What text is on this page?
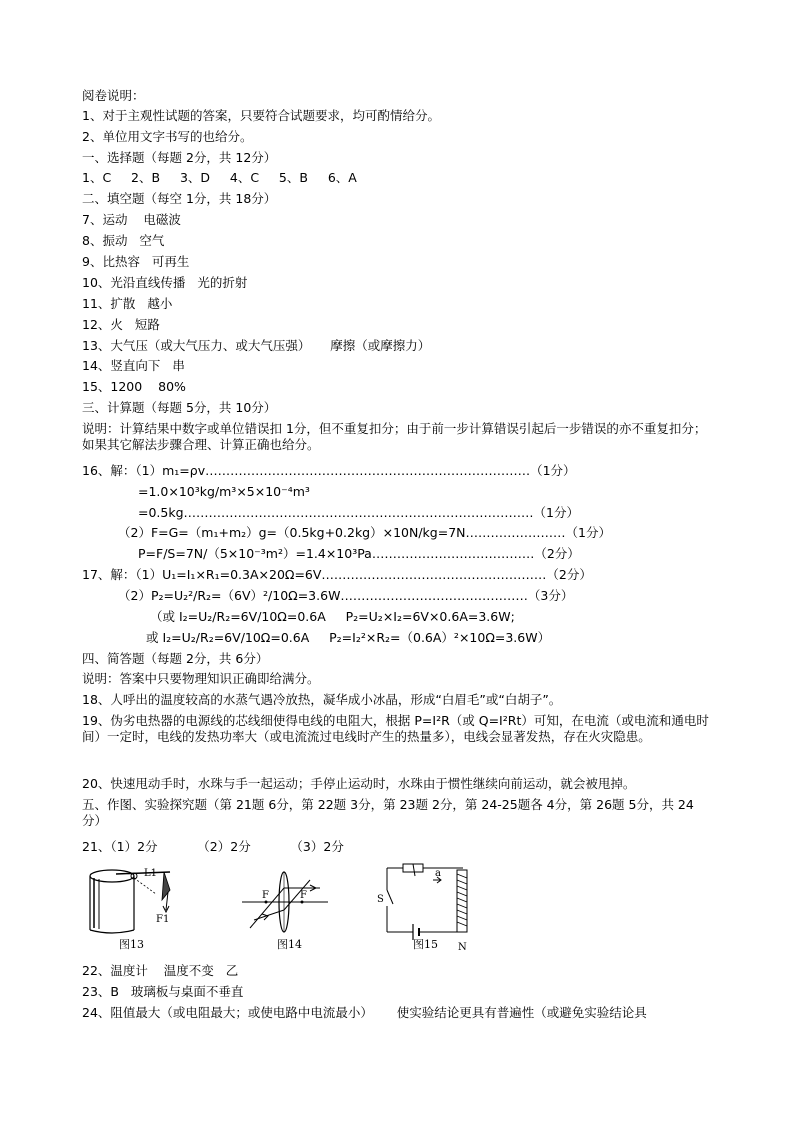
阅卷说明：
1、对于主观性试题的答案，只要符合试题要求，均可酌情给分。
2、单位用文字书写的也给分。
一、选择题（每题 2分，共 12分）
1、C     2、B     3、D     4、C     5、B     6、A
二、填空题（每空 1分，共 18分）
7、运动    电磁波
8、振动   空气
9、比热容   可再生
10、光沿直线传播   光的折射
11、扩散   越小
12、火   短路
13、大气压（或大气压力、或大气压强）     摩擦（或摩擦力）
14、竖直向下   串
15、1200    80%
三、计算题（每题 5分，共 10分）
说明：计算结果中数字或单位错误扣 1分，但不重复扣分；由于前一步计算错误引起后一步错误的亦不重复扣分；如果其它解法步骤合理、计算正确也给分。
16、解：（1）m₁=ρv……………………………………………………………………（1分）
=1.0×10³kg/m³×5×10⁻⁴m³
=0.5kg…………………………………………………………………………（1分）
（2）F=G=（m₁+m₂）g=（0.5kg+0.2kg）×10N/kg=7N……………………（1分）
P=F/S=7N/（5×10⁻³m²）=1.4×10³Pa…………………………………（2分）
17、解：（1）U₁=I₁×R₁=0.3A×20Ω=6V………………………………………………（2分）
（2）P₂=U₂²/R₂=（6V）²/10Ω=3.6W………………………………………（3分）
（或 I₂=U₂/R₂=6V/10Ω=0.6A     P₂=U₂×I₂=6V×0.6A=3.6W;
或 I₂=U₂/R₂=6V/10Ω=0.6A     P₂=I₂²×R₂=（0.6A）²×10Ω=3.6W）
四、简答题（每题 2分，共 6分）
说明：答案中只要物理知识正确即给满分。
18、人呼出的温度较高的水蒸气遇冷放热，凝华成小冰晶，形成“白眉毛”或“白胡子”。
19、伪劣电热器的电源线的芯线细使得电线的电阻大，根据 P=I²R（或 Q=I²Rt）可知，在电流（或电流和通电时间）一定时，电线的发热功率大（或电流流过电线时产生的热量多），电线会显著发热，存在火灾隐患。
20、快速甩动手时，水珠与手一起运动；手停止运动时，水珠由于惯性继续向前运动，就会被甩掉。
五、作图、实验探究题（第 21题 6分，第 22题 3分，第 23题 2分，第 24-25题各 4分，第 26题 5分，共 24分）
21、（1）2分          （2）2分          （3）2分
L1
F1
图13
F	F
图14
S
a
N
图15
22、温度计    温度不变   乙
23、B   玻璃板与桌面不垂直
24、阻值最大（或电阻最大；或使电路中电流最小）      使实验结论更具有普遍性（或避免实验结论具
